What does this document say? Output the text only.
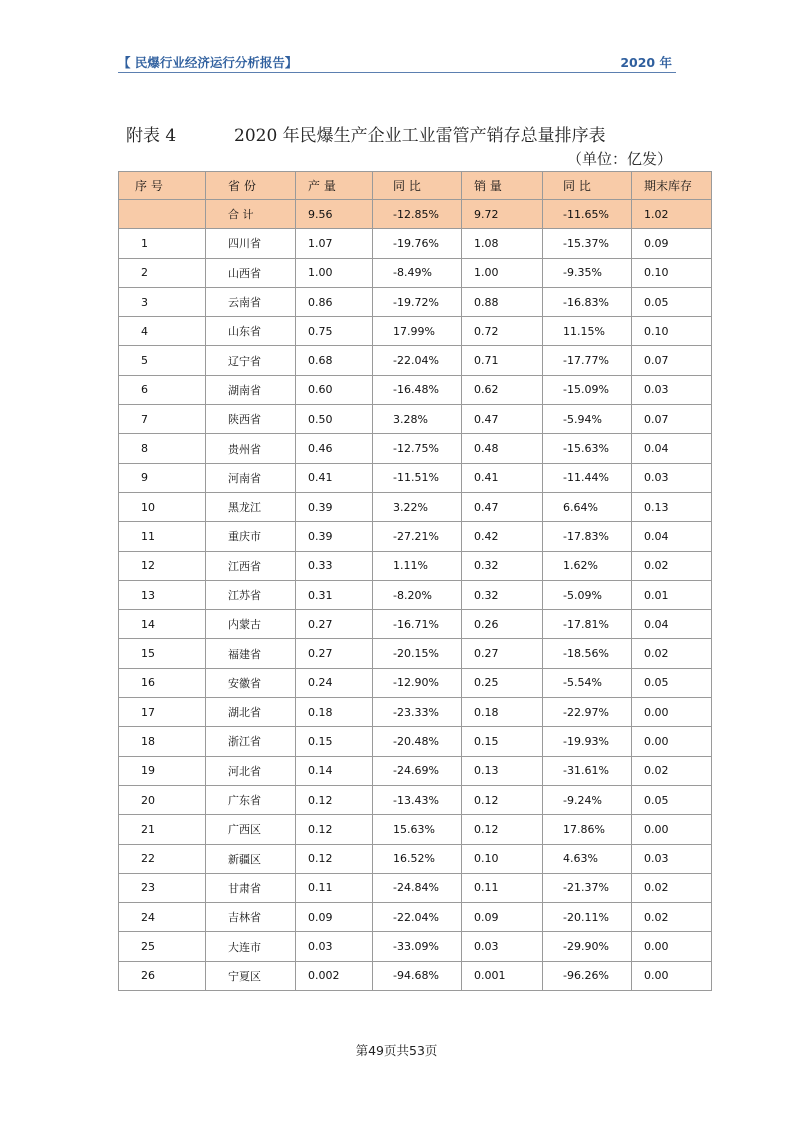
【 民爆行业经济运行分析报告】	2020 年
附表 4	2020 年民爆生产企业工业雷管产销存总量排序表
（单位：亿发）
序 号	省 份	产 量	同 比	销 量	同 比	期末库存
	合 计	9.56	-12.85%	9.72	-11.65%	1.02
1	四川省	1.07	-19.76%	1.08	-15.37%	0.09
2	山西省	1.00	-8.49%	1.00	-9.35%	0.10
3	云南省	0.86	-19.72%	0.88	-16.83%	0.05
4	山东省	0.75	17.99%	0.72	11.15%	0.10
5	辽宁省	0.68	-22.04%	0.71	-17.77%	0.07
6	湖南省	0.60	-16.48%	0.62	-15.09%	0.03
7	陕西省	0.50	3.28%	0.47	-5.94%	0.07
8	贵州省	0.46	-12.75%	0.48	-15.63%	0.04
9	河南省	0.41	-11.51%	0.41	-11.44%	0.03
10	黑龙江	0.39	3.22%	0.47	6.64%	0.13
11	重庆市	0.39	-27.21%	0.42	-17.83%	0.04
12	江西省	0.33	1.11%	0.32	1.62%	0.02
13	江苏省	0.31	-8.20%	0.32	-5.09%	0.01
14	内蒙古	0.27	-16.71%	0.26	-17.81%	0.04
15	福建省	0.27	-20.15%	0.27	-18.56%	0.02
16	安徽省	0.24	-12.90%	0.25	-5.54%	0.05
17	湖北省	0.18	-23.33%	0.18	-22.97%	0.00
18	浙江省	0.15	-20.48%	0.15	-19.93%	0.00
19	河北省	0.14	-24.69%	0.13	-31.61%	0.02
20	广东省	0.12	-13.43%	0.12	-9.24%	0.05
21	广西区	0.12	15.63%	0.12	17.86%	0.00
22	新疆区	0.12	16.52%	0.10	4.63%	0.03
23	甘肃省	0.11	-24.84%	0.11	-21.37%	0.02
24	吉林省	0.09	-22.04%	0.09	-20.11%	0.02
25	大连市	0.03	-33.09%	0.03	-29.90%	0.00
26	宁夏区	0.002	-94.68%	0.001	-96.26%	0.00
第49页共53页
